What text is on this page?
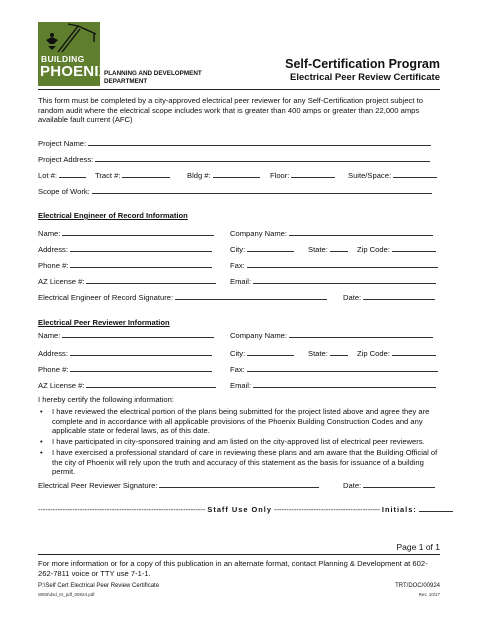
BUILDING
PHOENIX
PLANNING AND DEVELOPMENT
DEPARTMENT
Self-Certification Program
Electrical Peer Review Certificate
This form must be completed by a city-approved electrical peer reviewer for any Self-Certification project subject to random audit where the electrical scope includes work that is greater than 400 amps or greater than 22,000 amps available fault current (AFC)
Project Name:
Project Address:
Lot #:	Tract #:	Bldg #:	Floor:	Suite/Space:
Scope of Work:
Electrical Engineer of Record Information
Name:	Company Name:
Address:	City:	State:	Zip Code:
Phone #:	Fax:
AZ License #:	Email:
Electrical Engineer of Record Signature:	Date:
Electrical Peer Reviewer Information
Name:	Company Name:
Address:	City:	State:	Zip Code:
Phone #:	Fax:
AZ License #:	Email:
I hereby certify the following information:
• I have reviewed the electrical portion of the plans being submitted for the project listed above and agree they are complete and in accordance with all applicable provisions of the Phoenix Building Construction Codes and any applicable state or federal laws, as of this date.
• I have participated in city-sponsored training and am listed on the city-approved list of electrical peer reviewers.
• I have exercised a professional standard of care in reviewing these plans and am aware that the Building Official of the city of Phoenix will rely upon the truth and accuracy of this statement as the basis for issuance of a building permit.
Electrical Peer Reviewer Signature:	Date:
-------------------------------------------------------------------- Staff Use Only ------------------------------------------- Initials:
Page 1 of 1
For more information or for a copy of this publication in an alternate format, contact Planning & Development at 602-262-7811 voice or TTY use 7-1-1.
P:\Self Cert Electrical Peer Review Certificate	TRT/DOC/00924
WEB\dsd_trt_pdf_00924.pdf	Rev. 10/17
